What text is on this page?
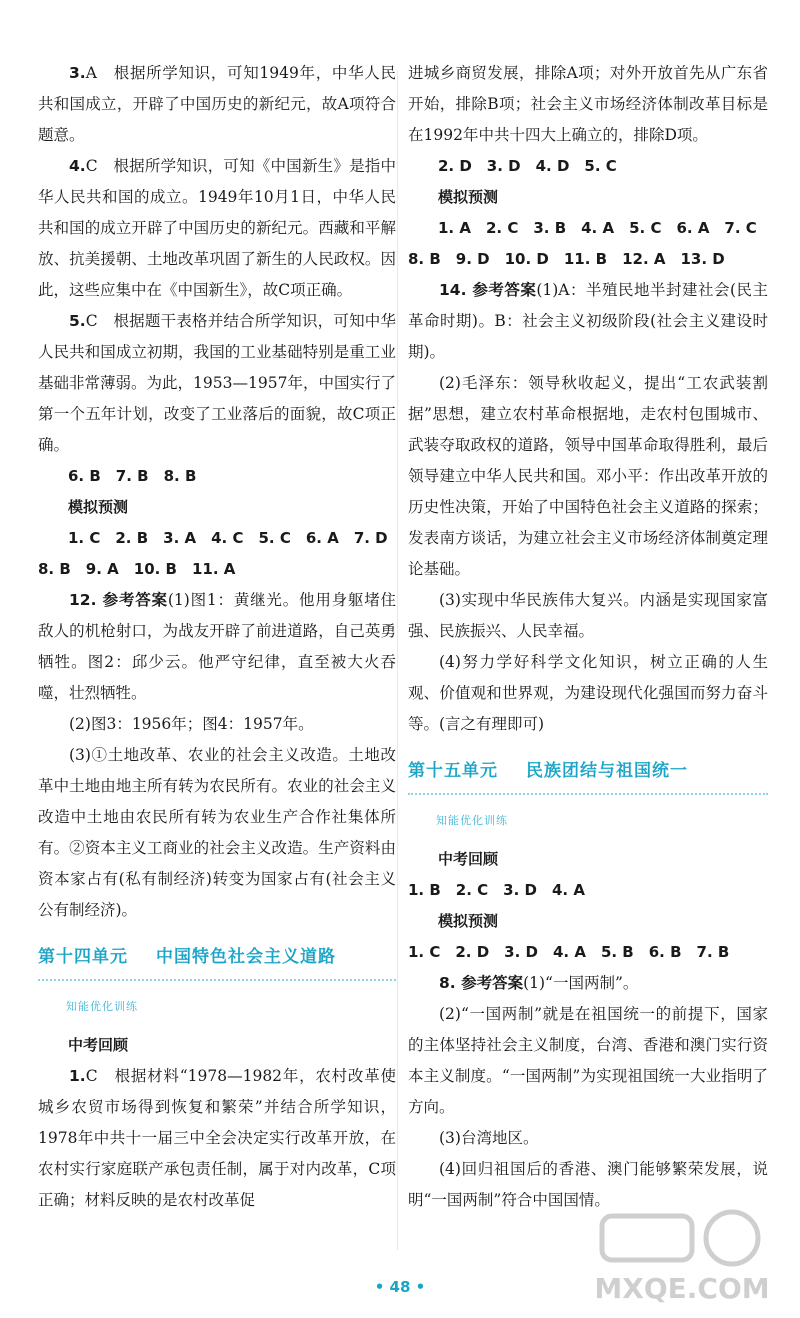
3.A　根据所学知识，可知1949年，中华人民共和国成立，开辟了中国历史的新纪元，故A项符合题意。

4.C　根据所学知识，可知《中国新生》是指中华人民共和国的成立。1949年10月1日，中华人民共和国的成立开辟了中国历史的新纪元。西藏和平解放、抗美援朝、土地改革巩固了新生的人民政权。因此，这些应集中在《中国新生》，故C项正确。

5.C　根据题干表格并结合所学知识，可知中华人民共和国成立初期，我国的工业基础特别是重工业基础非常薄弱。为此，1953—1957年，中国实行了第一个五年计划，改变了工业落后的面貌，故C项正确。

6. B　7. B　8. B

模拟预测

1. C　2. B　3. A　4. C　5. C　6. A　7. D

8. B　9. A　10. B　11. A

12. 参考答案(1)图1：黄继光。他用身躯堵住敌人的机枪射口，为战友开辟了前进道路，自己英勇牺牲。图2：邱少云。他严守纪律，直至被大火吞噬，壮烈牺牲。

(2)图3：1956年；图4：1957年。

(3)①土地改革、农业的社会主义改造。土地改革中土地由地主所有转为农民所有。农业的社会主义改造中土地由农民所有转为农业生产合作社集体所有。②资本主义工商业的社会主义改造。生产资料由资本家占有(私有制经济)转变为国家占有(社会主义公有制经济)。

第十四单元 中国特色社会主义道路
知能优化训练

中考回顾

1.C　根据材料“1978—1982年，农村改革使城乡农贸市场得到恢复和繁荣”并结合所学知识，1978年中共十一届三中全会决定实行改革开放，在农村实行家庭联产承包责任制，属于对内改革，C项正确；材料反映的是农村改革促

进城乡商贸发展，排除A项；对外开放首先从广东省开始，排除B项；社会主义市场经济体制改革目标是在1992年中共十四大上确立的，排除D项。

2. D　3. D　4. D　5. C

模拟预测

1. A　2. C　3. B　4. A　5. C　6. A　7. C

8. B　9. D　10. D　11. B　12. A　13. D

14. 参考答案(1)A：半殖民地半封建社会(民主革命时期)。B：社会主义初级阶段(社会主义建设时期)。

(2)毛泽东：领导秋收起义，提出“工农武装割据”思想，建立农村革命根据地，走农村包围城市、武装夺取政权的道路，领导中国革命取得胜利，最后领导建立中华人民共和国。邓小平：作出改革开放的历史性决策，开始了中国特色社会主义道路的探索；发表南方谈话，为建立社会主义市场经济体制奠定理论基础。

(3)实现中华民族伟大复兴。内涵是实现国家富强、民族振兴、人民幸福。

(4)努力学好科学文化知识，树立正确的人生观、价值观和世界观，为建设现代化强国而努力奋斗等。(言之有理即可)

第十五单元 民族团结与祖国统一
知能优化训练

中考回顾

1. B　2. C　3. D　4. A

模拟预测

1. C　2. D　3. D　4. A　5. B　6. B　7. B

8. 参考答案(1)“一国两制”。

(2)“一国两制”就是在祖国统一的前提下，国家的主体坚持社会主义制度，台湾、香港和澳门实行资本主义制度。“一国两制”为实现祖国统一大业指明了方向。

(3)台湾地区。

(4)回归祖国后的香港、澳门能够繁荣发展，说明“一国两制”符合中国国情。

• 48 •	MXQE.COM
